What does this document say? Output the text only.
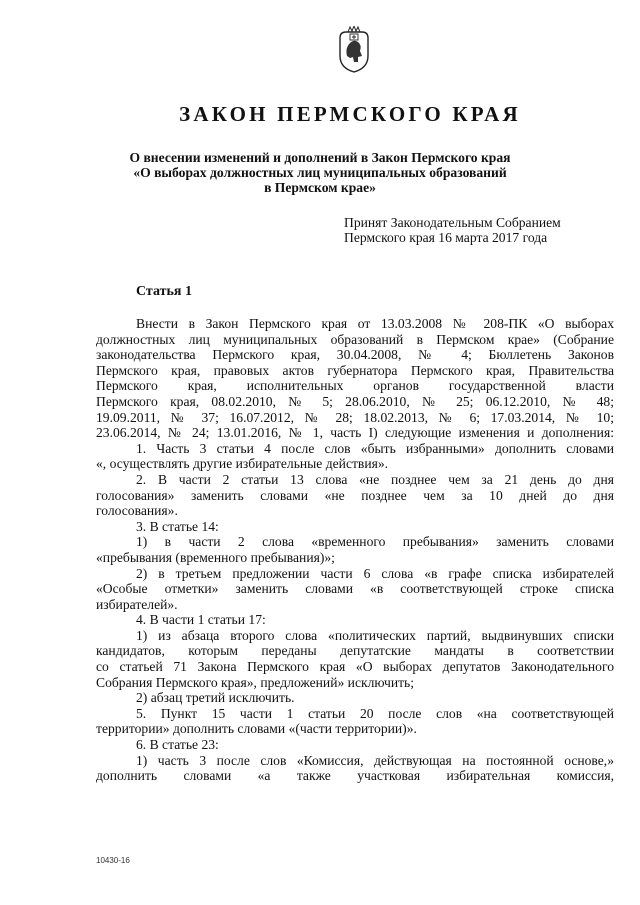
ЗАКОН ПЕРМСКОГО КРАЯ
О внесении изменений и дополнений в Закон Пермского края
«О выборах должностных лиц муниципальных образований
в Пермском крае»
Принят Законодательным Собранием
Пермского края 16 марта 2017 года
Статья 1
Внести в Закон Пермского края от 13.03.2008 № 208-ПК «О выборах
должностных лиц муниципальных образований в Пермском крае» (Собрание
законодательства Пермского края, 30.04.2008, № 4; Бюллетень Законов
Пермского края, правовых актов губернатора Пермского края, Правительства
Пермского края, исполнительных органов государственной власти
Пермского края, 08.02.2010, № 5; 28.06.2010, № 25; 06.12.2010, № 48;
19.09.2011, № 37; 16.07.2012, № 28; 18.02.2013, № 6; 17.03.2014, № 10;
23.06.2014, № 24; 13.01.2016, № 1, часть I) следующие изменения и дополнения:
1. Часть 3 статьи 4 после слов «быть избранными» дополнить словами
«, осуществлять другие избирательные действия».
2. В части 2 статьи 13 слова «не позднее чем за 21 день до дня
голосования» заменить словами «не позднее чем за 10 дней до дня
голосования».
3. В статье 14:
1) в части 2 слова «временного пребывания» заменить словами
«пребывания (временного пребывания)»;
2) в третьем предложении части 6 слова «в графе списка избирателей
«Особые отметки» заменить словами «в соответствующей строке списка
избирателей».
4. В части 1 статьи 17:
1) из абзаца второго слова «политических партий, выдвинувших списки
кандидатов, которым переданы депутатские мандаты в соответствии
со статьей 71 Закона Пермского края «О выборах депутатов Законодательного
Собрания Пермского края», предложений» исключить;
2) абзац третий исключить.
5. Пункт 15 части 1 статьи 20 после слов «на соответствующей
территории» дополнить словами «(части территории)».
6. В статье 23:
1) часть 3 после слов «Комиссия, действующая на постоянной основе,»
дополнить словами «а также участковая избирательная комиссия,
10430-16
